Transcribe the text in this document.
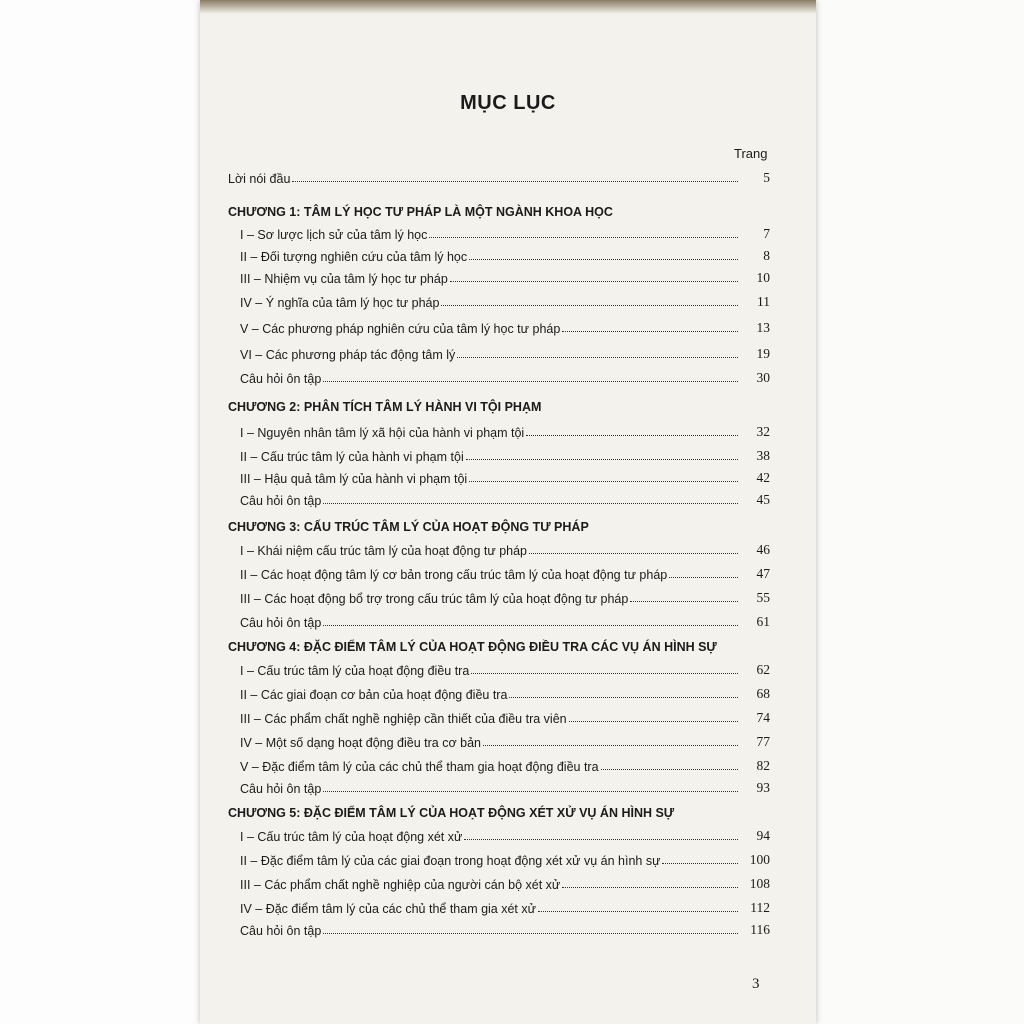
MỤC LỤC
Trang
Lời nói đầu	5
CHƯƠNG 1: TÂM LÝ HỌC TƯ PHÁP LÀ MỘT NGÀNH KHOA HỌC
I – Sơ lược lịch sử của tâm lý học	7
II – Đối tượng nghiên cứu của tâm lý học	8
III – Nhiệm vụ của tâm lý học tư pháp	10
IV – Ý nghĩa của tâm lý học tư pháp	11
V – Các phương pháp nghiên cứu của tâm lý học tư pháp	13
VI – Các phương pháp tác động tâm lý	19
Câu hỏi ôn tập	30
CHƯƠNG 2: PHÂN TÍCH TÂM LÝ HÀNH VI TỘI PHẠM
I – Nguyên nhân tâm lý xã hội của hành vi phạm tội	32
II – Cấu trúc tâm lý của hành vi phạm tội	38
III – Hậu quả tâm lý của hành vi phạm tội	42
Câu hỏi ôn tập	45
CHƯƠNG 3: CẤU TRÚC TÂM LÝ CỦA HOẠT ĐỘNG TƯ PHÁP
I – Khái niệm cấu trúc tâm lý của hoạt động tư pháp	46
II – Các hoạt động tâm lý cơ bản trong cấu trúc tâm lý của hoạt động tư pháp	47
III – Các hoạt động bổ trợ trong cấu trúc tâm lý của hoạt động tư pháp	55
Câu hỏi ôn tập	61
CHƯƠNG 4: ĐẶC ĐIỂM TÂM LÝ CỦA HOẠT ĐỘNG ĐIỀU TRA CÁC VỤ ÁN HÌNH SỰ
I – Cấu trúc tâm lý của hoạt động điều tra	62
II – Các giai đoạn cơ bản của hoạt động điều tra	68
III – Các phẩm chất nghề nghiệp cần thiết của điều tra viên	74
IV – Một số dạng hoạt động điều tra cơ bản	77
V – Đặc điểm tâm lý của các chủ thể tham gia hoạt động điều tra	82
Câu hỏi ôn tập	93
CHƯƠNG 5: ĐẶC ĐIỂM TÂM LÝ CỦA HOẠT ĐỘNG XÉT XỬ VỤ ÁN HÌNH SỰ
I – Cấu trúc tâm lý của hoạt động xét xử	94
II – Đặc điểm tâm lý của các giai đoạn trong hoạt động xét xử vụ án hình sự	100
III – Các phẩm chất nghề nghiệp của người cán bộ xét xử	108
IV – Đặc điểm tâm lý của các chủ thể tham gia xét xử	112
Câu hỏi ôn tập	116
3
